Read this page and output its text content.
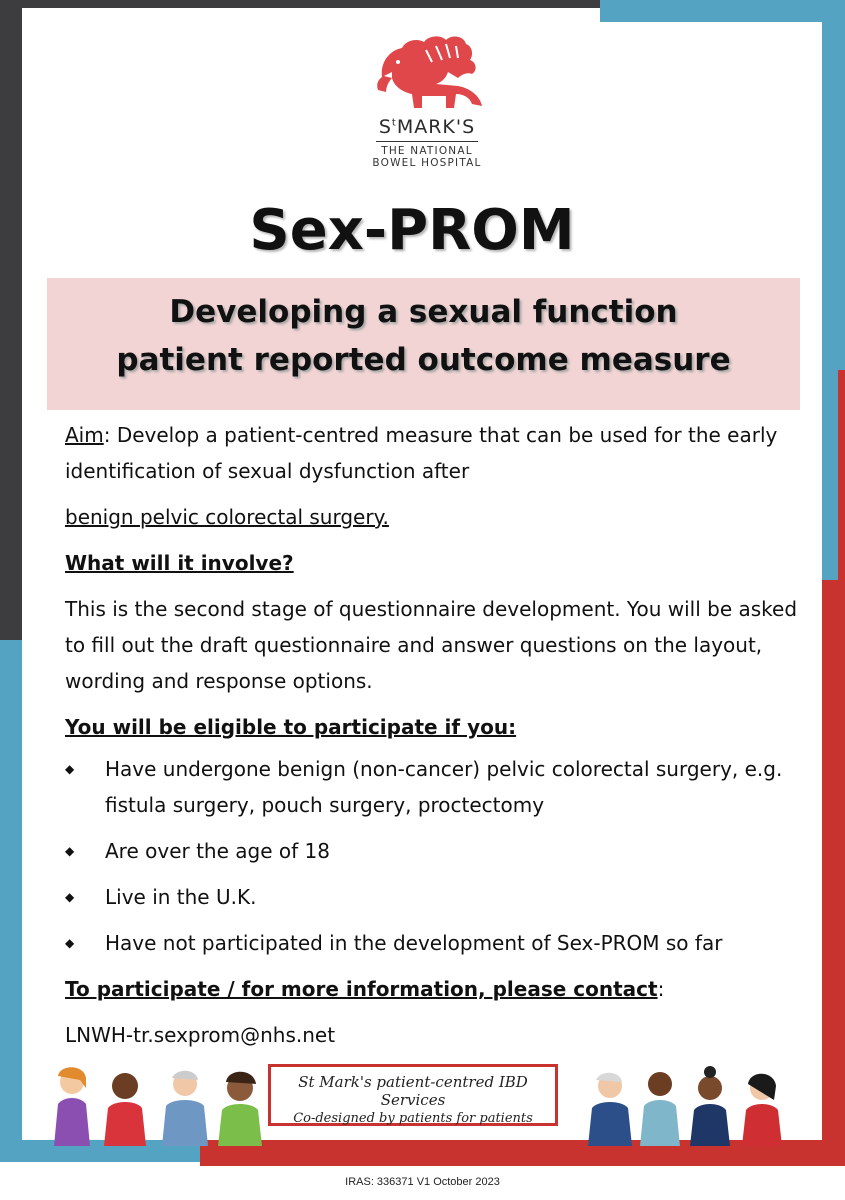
$S^tMARK'S$
THE NATIONAL
BOWEL HOSPITAL
Sex-PROM
Developing a sexual function
patient reported outcome measure

Aim: Develop a patient-centred measure that can be used for the early identification of sexual dysfunction after

benign pelvic colorectal surgery.

What will it involve?

This is the second stage of questionnaire development. You will be asked to fill out the draft questionnaire and answer questions on the layout, wording and response options.

You will be eligible to participate if you:

◆ Have undergone benign (non-cancer) pelvic colorectal surgery, e.g. fistula surgery, pouch surgery, proctectomy
◆ Are over the age of 18
◆ Live in the U.K.
◆ Have not participated in the development of Sex-PROM so far

To participate / for more information, please contact:

LNWH-tr.sexprom@nhs.net

St Mark's patient-centred IBD Services
Co-designed by patients for patients
IRAS: 336371 V1 October 2023
